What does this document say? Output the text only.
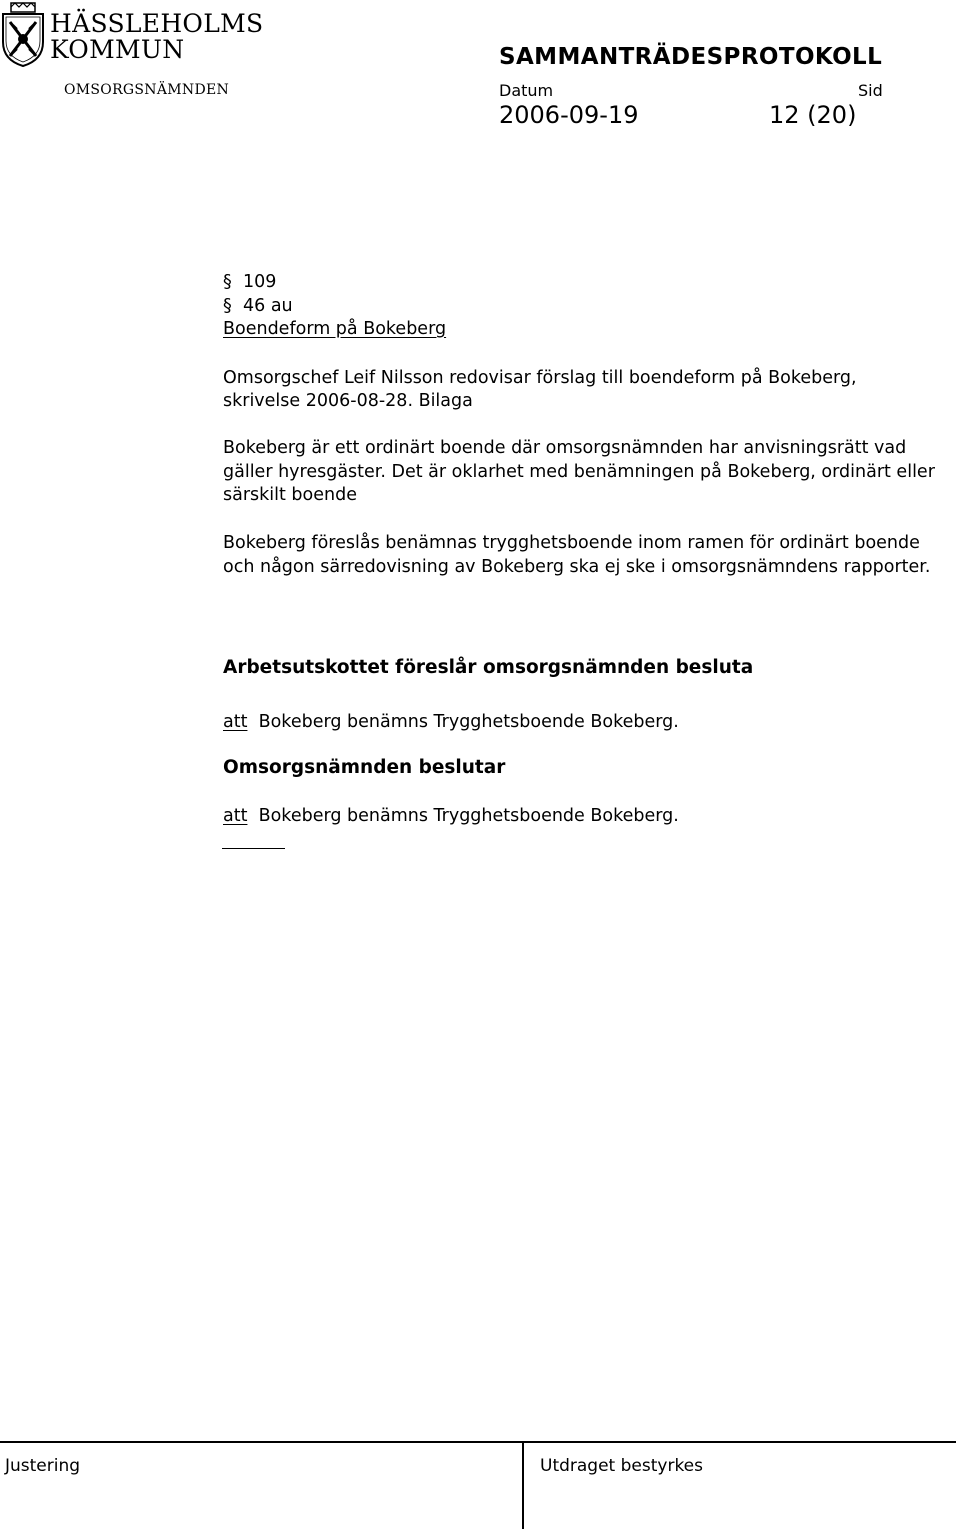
HÄSSLEHOLMS
KOMMUN	SAMMANTRÄDESPROTOKOLL
OMSORGSNÄMNDEN	Datum	Sid
2006-09-19	12 (20)
§ 109
§ 46 au
Boendeform på Bokeberg
Omsorgschef Leif Nilsson redovisar förslag till boendeform på Bokeberg,
skrivelse 2006-08-28. Bilaga
Bokeberg är ett ordinärt boende där omsorgsnämnden har anvisningsrätt vad gäller hyresgäster. Det är oklarhet med benämningen på Bokeberg, ordinärt eller särskilt boende
Bokeberg föreslås benämnas trygghetsboende inom ramen för ordinärt boende och någon särredovisning av Bokeberg ska ej ske i omsorgsnämndens rapporter.
Arbetsutskottet föreslår omsorgsnämnden besluta
att Bokeberg benämns Trygghetsboende Bokeberg.
Omsorgsnämnden beslutar
att Bokeberg benämns Trygghetsboende Bokeberg.
Justering	Utdraget bestyrkes
